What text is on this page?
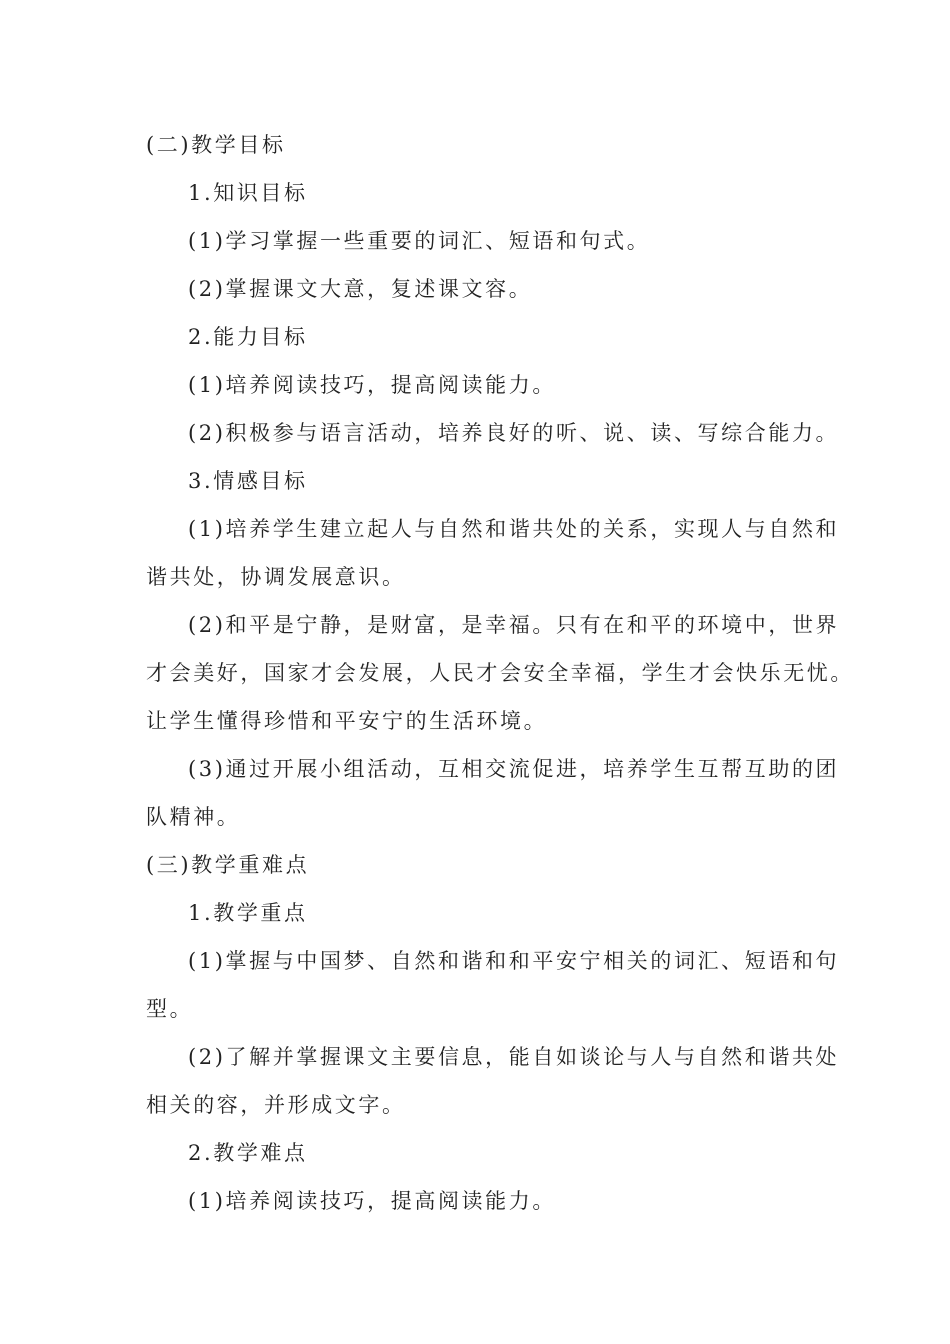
(二)教学目标
1.知识目标
(1)学习掌握一些重要的词汇、短语和句式。
(2)掌握课文大意，复述课文容。
2.能力目标
(1)培养阅读技巧，提高阅读能力。
(2)积极参与语言活动，培养良好的听、说、读、写综合能力。
3.情感目标
(1)培养学生建立起人与自然和谐共处的关系，实现人与自然和
谐共处，协调发展意识。
(2)和平是宁静，是财富，是幸福。只有在和平的环境中，世界
才会美好，国家才会发展，人民才会安全幸福，学生才会快乐无忧。
让学生懂得珍惜和平安宁的生活环境。
(3)通过开展小组活动，互相交流促进，培养学生互帮互助的团
队精神。
(三)教学重难点
1.教学重点
(1)掌握与中国梦、自然和谐和和平安宁相关的词汇、短语和句
型。
(2)了解并掌握课文主要信息，能自如谈论与人与自然和谐共处
相关的容，并形成文字。
2.教学难点
(1)培养阅读技巧，提高阅读能力。
